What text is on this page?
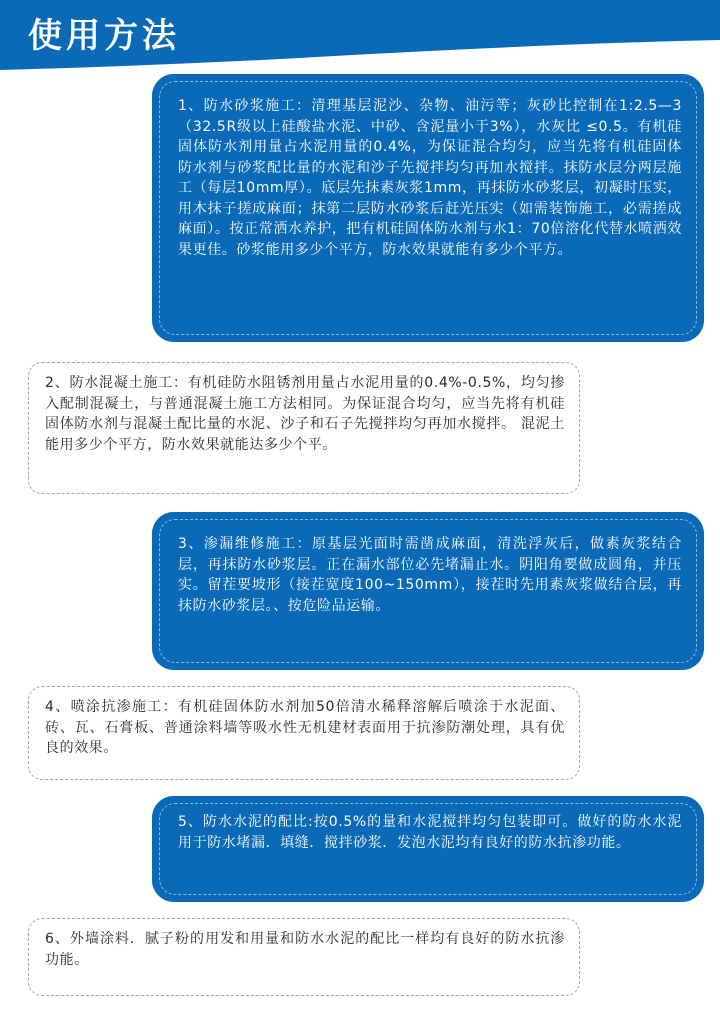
使用方法
1、防水砂浆施工：清理基层泥沙、杂物、油污等；灰砂比控制在1:2.5—3（32.5R级以上硅酸盐水泥、中砂、含泥量小于3%），水灰比 ≤0.5。有机硅固体防水剂用量占水泥用量的0.4%，为保证混合均匀，应当先将有机硅固体防水剂与砂浆配比量的水泥和沙子先搅拌均匀再加水搅拌。抹防水层分两层施工（每层10mm厚）。底层先抹素灰浆1mm，再抹防水砂浆层，初凝时压实，用木抹子搓成麻面；抹第二层防水砂浆后赶光压实（如需装饰施工，必需搓成麻面）。按正常洒水养护，把有机硅固体防水剂与水1：70倍溶化代替水喷洒效果更佳。砂浆能用多少个平方，防水效果就能有多少个平方。
2、防水混凝土施工：有机硅防水阻锈剂用量占水泥用量的0.4%-0.5%，均匀掺入配制混凝土，与普通混凝土施工方法相同。为保证混合均匀，应当先将有机硅固体防水剂与混凝土配比量的水泥、沙子和石子先搅拌均匀再加水搅拌。 混泥土能用多少个平方，防水效果就能达多少个平。
3、渗漏维修施工：原基层光面时需凿成麻面，清洗浮灰后，做素灰浆结合层，再抹防水砂浆层。正在漏水部位必先堵漏止水。阴阳角要做成圆角，并压实。留茬要坡形（接茬宽度100~150mm），接茬时先用素灰浆做结合层，再抹防水砂浆层。、按危险品运输。
4、喷涂抗渗施工：有机硅固体防水剂加50倍清水稀释溶解后喷涂于水泥面、砖、瓦、石膏板、普通涂料墙等吸水性无机建材表面用于抗渗防潮处理，具有优良的效果。
5、防水水泥的配比:按0.5%的量和水泥搅拌均匀包装即可。做好的防水水泥用于防水堵漏．填缝．搅拌砂浆．发泡水泥均有良好的防水抗渗功能。
6、外墙涂料．腻子粉的用发和用量和防水水泥的配比一样均有良好的防水抗渗功能。
